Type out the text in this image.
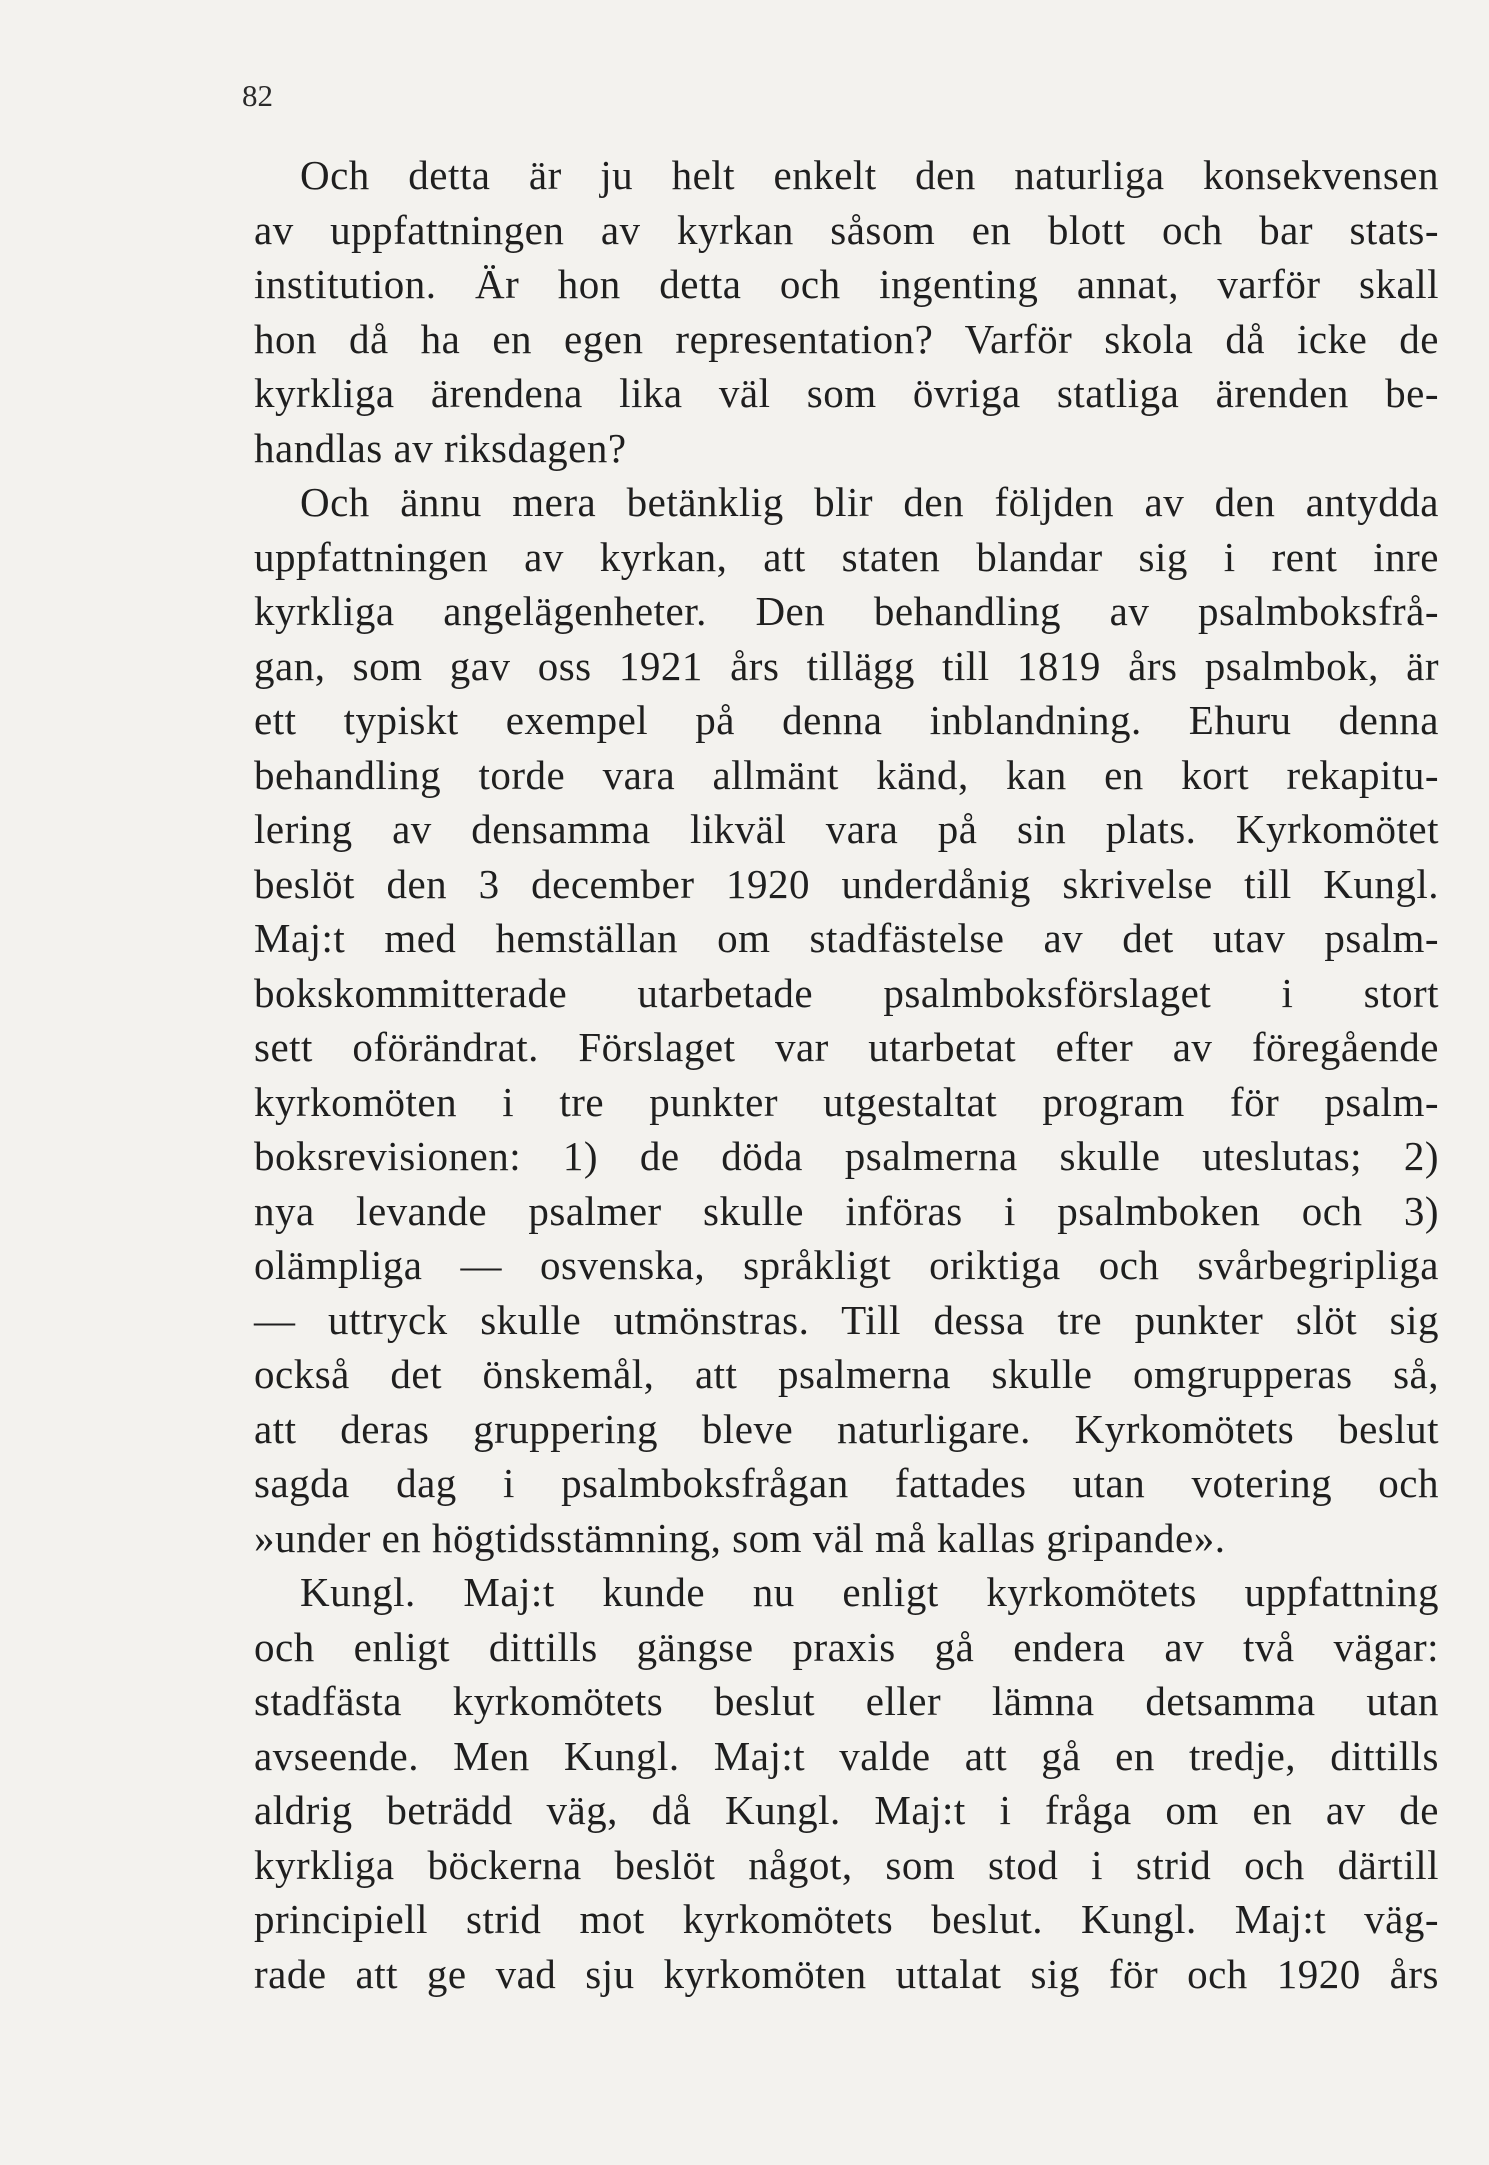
82
Och detta är ju helt enkelt den naturliga konsekvensen
av uppfattningen av kyrkan såsom en blott och bar stats-
institution. Är hon detta och ingenting annat, varför skall
hon då ha en egen representation? Varför skola då icke de
kyrkliga ärendena lika väl som övriga statliga ärenden be-
handlas av riksdagen?
Och ännu mera betänklig blir den följden av den antydda
uppfattningen av kyrkan, att staten blandar sig i rent inre
kyrkliga angelägenheter. Den behandling av psalmboksfrå-
gan, som gav oss 1921 års tillägg till 1819 års psalmbok, är
ett typiskt exempel på denna inblandning. Ehuru denna
behandling torde vara allmänt känd, kan en kort rekapitu-
lering av densamma likväl vara på sin plats. Kyrkomötet
beslöt den 3 december 1920 underdånig skrivelse till Kungl.
Maj:t med hemställan om stadfästelse av det utav psalm-
bokskommitterade utarbetade psalmboksförslaget i stort
sett oförändrat. Förslaget var utarbetat efter av föregående
kyrkomöten i tre punkter utgestaltat program för psalm-
boksrevisionen: 1) de döda psalmerna skulle uteslutas; 2)
nya levande psalmer skulle införas i psalmboken och 3)
olämpliga — osvenska, språkligt oriktiga och svårbegripliga
— uttryck skulle utmönstras. Till dessa tre punkter slöt sig
också det önskemål, att psalmerna skulle omgrupperas så,
att deras gruppering bleve naturligare. Kyrkomötets beslut
sagda dag i psalmboksfrågan fattades utan votering och
»under en högtidsstämning, som väl må kallas gripande».
Kungl. Maj:t kunde nu enligt kyrkomötets uppfattning
och enligt dittills gängse praxis gå endera av två vägar:
stadfästa kyrkomötets beslut eller lämna detsamma utan
avseende. Men Kungl. Maj:t valde att gå en tredje, dittills
aldrig beträdd väg, då Kungl. Maj:t i fråga om en av de
kyrkliga böckerna beslöt något, som stod i strid och därtill
principiell strid mot kyrkomötets beslut. Kungl. Maj:t väg-
rade att ge vad sju kyrkomöten uttalat sig för och 1920 års
